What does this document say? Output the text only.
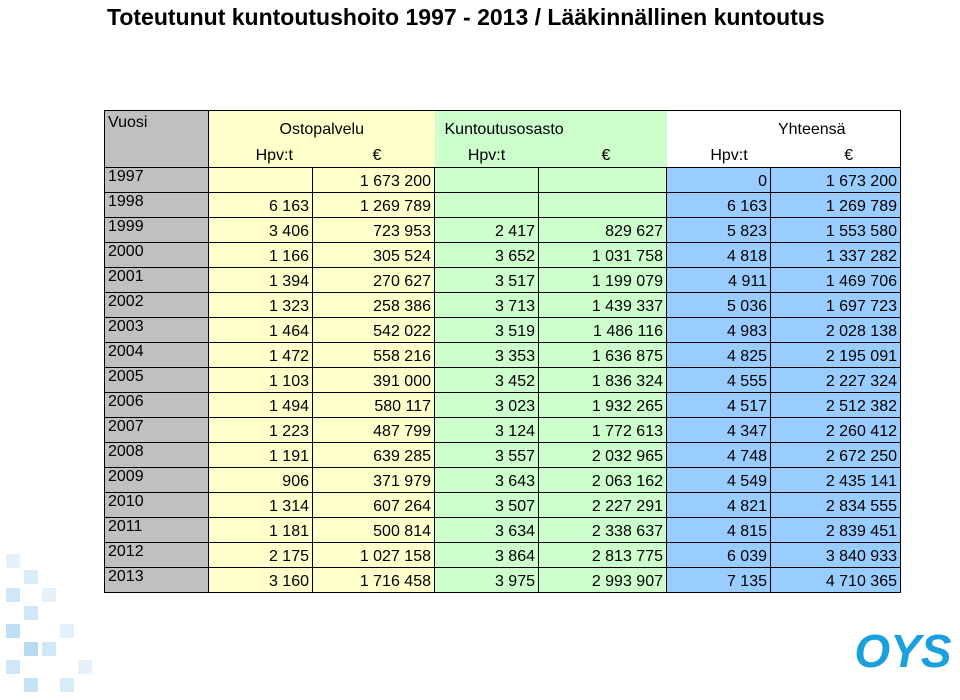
Toteutunut kuntoutushoito 1997 - 2013 / Lääkinnällinen kuntoutus
Vuosi	Ostopalvelu		Kuntoutusosasto		Yhteensä	
	Hpv:t	€	Hpv:t	€	Hpv:t	€
1997		1 673 200			0	1 673 200
1998	6 163	1 269 789			6 163	1 269 789
1999	3 406	723 953	2 417	829 627	5 823	1 553 580
2000	1 166	305 524	3 652	1 031 758	4 818	1 337 282
2001	1 394	270 627	3 517	1 199 079	4 911	1 469 706
2002	1 323	258 386	3 713	1 439 337	5 036	1 697 723
2003	1 464	542 022	3 519	1 486 116	4 983	2 028 138
2004	1 472	558 216	3 353	1 636 875	4 825	2 195 091
2005	1 103	391 000	3 452	1 836 324	4 555	2 227 324
2006	1 494	580 117	3 023	1 932 265	4 517	2 512 382
2007	1 223	487 799	3 124	1 772 613	4 347	2 260 412
2008	1 191	639 285	3 557	2 032 965	4 748	2 672 250
2009	906	371 979	3 643	2 063 162	4 549	2 435 141
2010	1 314	607 264	3 507	2 227 291	4 821	2 834 555
2011	1 181	500 814	3 634	2 338 637	4 815	2 839 451
2012	2 175	1 027 158	3 864	2 813 775	6 039	3 840 933
2013	3 160	1 716 458	3 975	2 993 907	7 135	4 710 365
OYS
